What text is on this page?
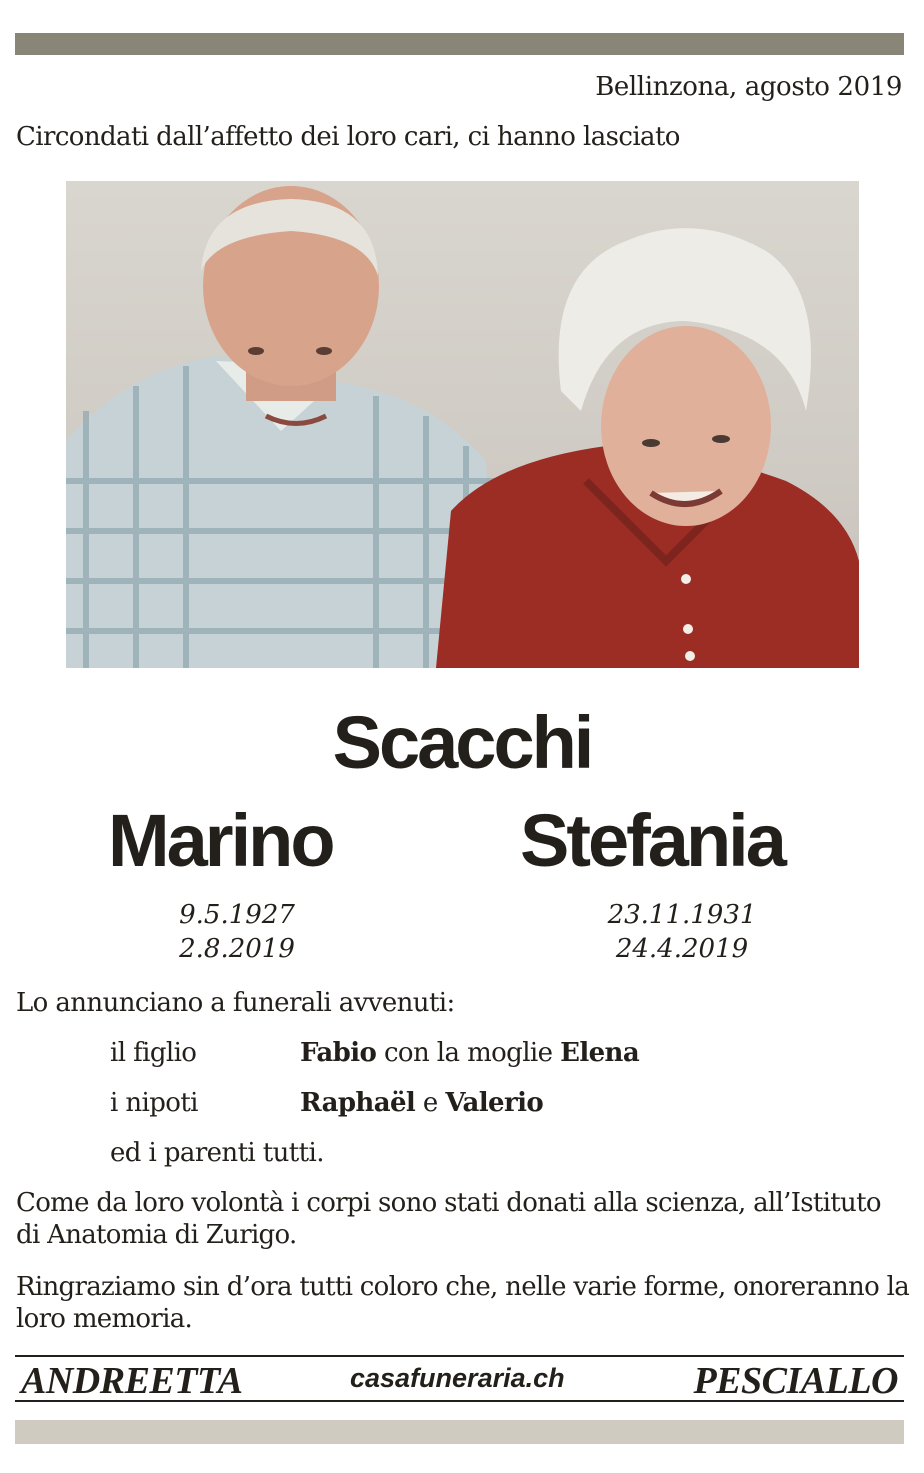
Bellinzona, agosto 2019
Circondati dall’affetto dei loro cari, ci hanno lasciato
Scacchi
Marino	Stefania
9.5.1927
2.8.2019
23.11.1931
24.4.2019
Lo annunciano a funerali avvenuti:
il figlio	Fabio con la moglie Elena
i nipoti	Raphaël e Valerio
ed i parenti tutti.
Come da loro volontà i corpi sono stati donati alla scienza, all’Istituto di Anatomia di Zurigo.
Ringraziamo sin d’ora tutti coloro che, nelle varie forme, onoreranno la loro memoria.
ANDREETTA	casafuneraria.ch	PESCIALLO
